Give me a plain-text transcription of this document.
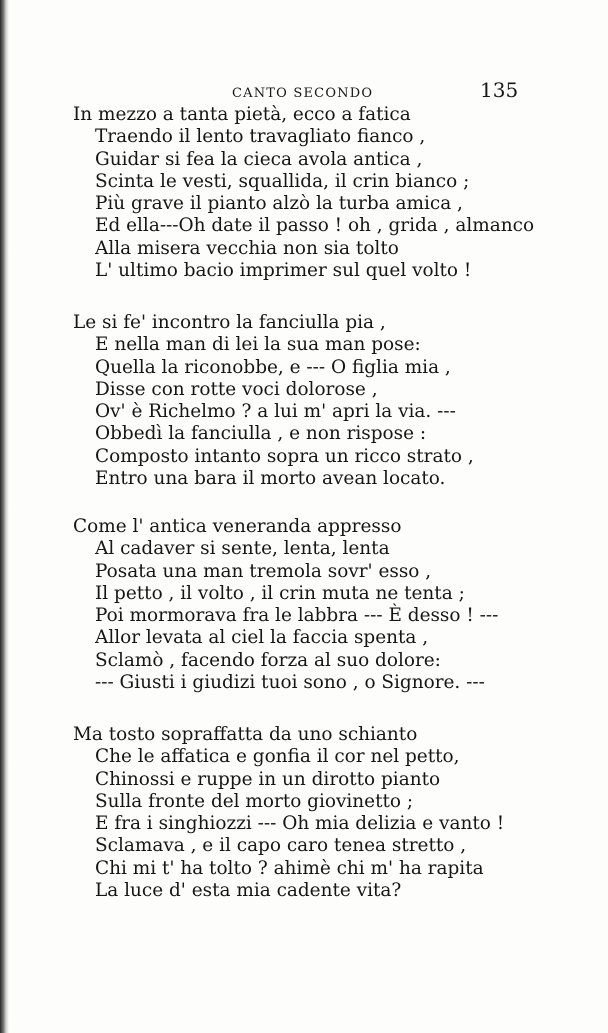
CANTO SECONDO	135
In mezzo a tanta pietà, ecco a fatica
Traendo il lento travagliato fianco ,
Guidar si fea la cieca avola antica ,
Scinta le vesti, squallida, il crin bianco ;
Più grave il pianto alzò la turba amica ,
Ed ella---Oh date il passo ! oh , grida , almanco
Alla misera vecchia non sia tolto
L' ultimo bacio imprimer sul quel volto !
Le si fe' incontro la fanciulla pia ,
E nella man di lei la sua man pose:
Quella la riconobbe, e --- O figlia mia ,
Disse con rotte voci dolorose ,
Ov' è Richelmo ? a lui m' apri la via. ---
Obbedì la fanciulla , e non rispose :
Composto intanto sopra un ricco strato ,
Entro una bara il morto avean locato.
Come l' antica veneranda appresso
Al cadaver si sente, lenta, lenta
Posata una man tremola sovr' esso ,
Il petto , il volto , il crin muta ne tenta ;
Poi mormorava fra le labbra --- È desso ! ---
Allor levata al ciel la faccia spenta ,
Sclamò , facendo forza al suo dolore:
--- Giusti i giudizi tuoi sono , o Signore. ---
Ma tosto sopraffatta da uno schianto
Che le affatica e gonfia il cor nel petto,
Chinossi e ruppe in un dirotto pianto
Sulla fronte del morto giovinetto ;
E fra i singhiozzi --- Oh mia delizia e vanto !
Sclamava , e il capo caro tenea stretto ,
Chi mi t' ha tolto ? ahimè chi m' ha rapita
La luce d' esta mia cadente vita?
